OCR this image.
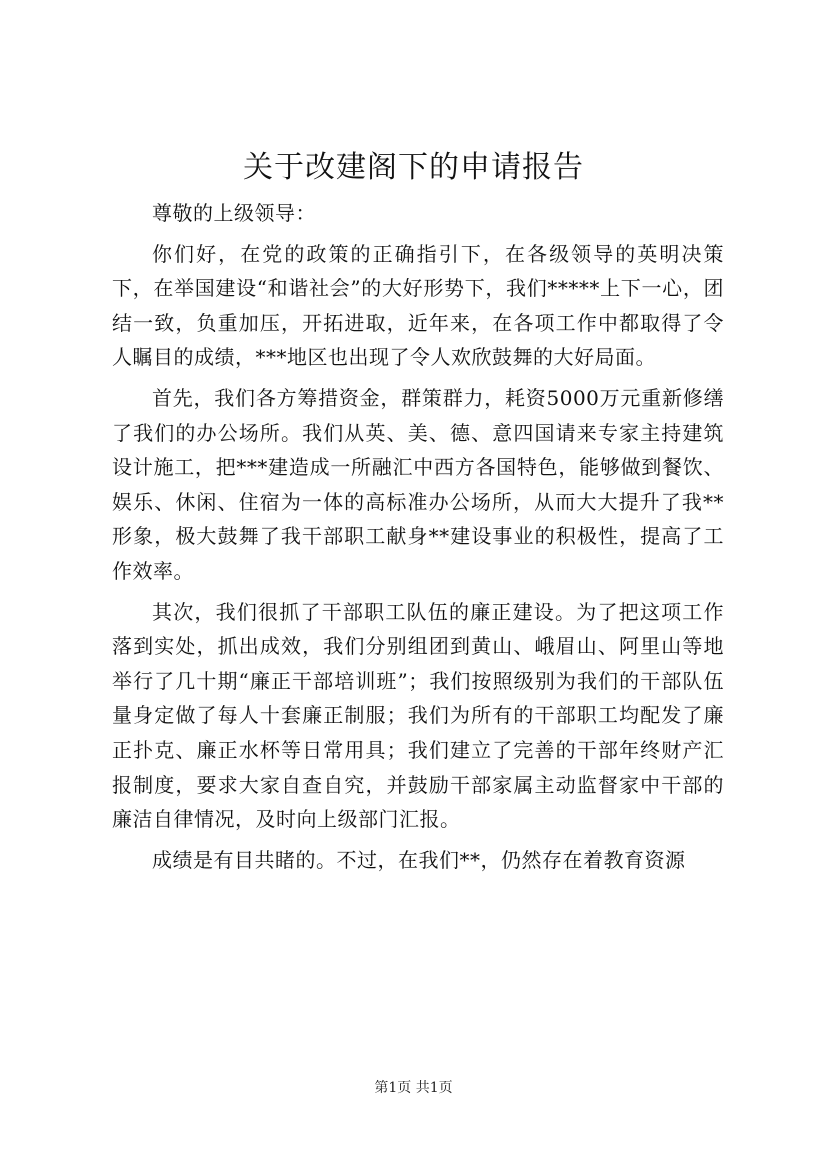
关于改建阁下的申请报告

尊敬的上级领导：

你们好，在党的政策的正确指引下，在各级领导的英明决策下，在举国建设“和谐社会”的大好形势下，我们*****上下一心，团结一致，负重加压，开拓进取，近年来，在各项工作中都取得了令人瞩目的成绩，***地区也出现了令人欢欣鼓舞的大好局面。

首先，我们各方筹措资金，群策群力，耗资5000万元重新修缮了我们的办公场所。我们从英、美、德、意四国请来专家主持建筑设计施工，把***建造成一所融汇中西方各国特色，能够做到餐饮、娱乐、休闲、住宿为一体的高标准办公场所，从而大大提升了我**形象，极大鼓舞了我干部职工献身**建设事业的积极性，提高了工作效率。

其次，我们很抓了干部职工队伍的廉正建设。为了把这项工作落到实处，抓出成效，我们分别组团到黄山、峨眉山、阿里山等地举行了几十期“廉正干部培训班”；我们按照级别为我们的干部队伍量身定做了每人十套廉正制服；我们为所有的干部职工均配发了廉正扑克、廉正水杯等日常用具；我们建立了完善的干部年终财产汇报制度，要求大家自查自究，并鼓励干部家属主动监督家中干部的廉洁自律情况，及时向上级部门汇报。

成绩是有目共睹的。不过，在我们**，仍然存在着教育资源

第1页 共1页
